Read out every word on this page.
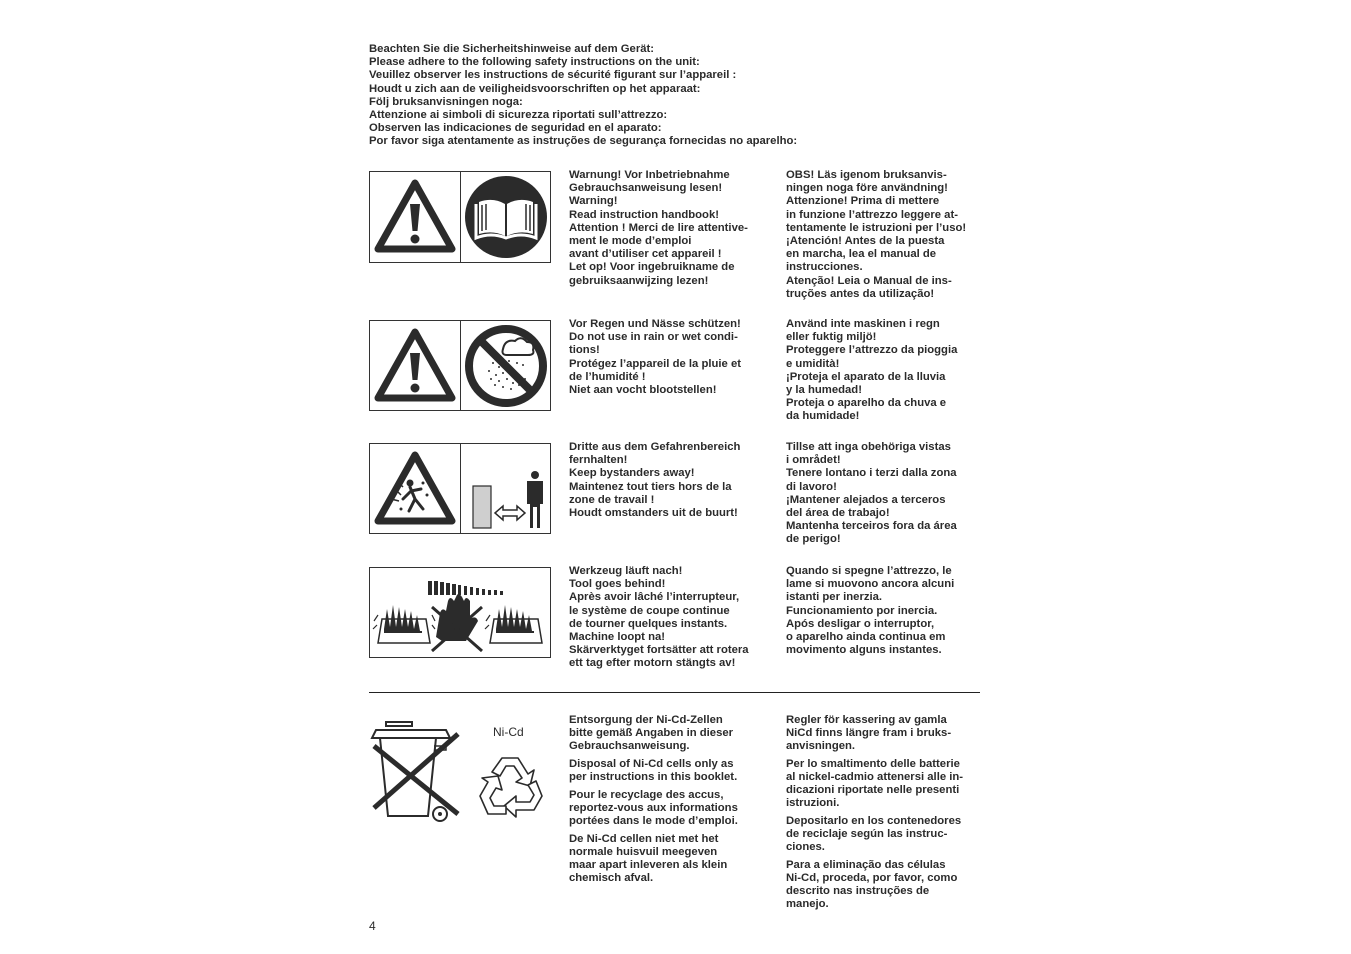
Beachten Sie die Sicherheitshinweise auf dem Gerät:
Please adhere to the following safety instructions on the unit:
Veuillez observer les instructions de sécurité figurant sur l’appareil :
Houdt u zich aan de veiligheidsvoorschriften op het apparaat:
Följ bruksanvisningen noga:
Attenzione ai simboli di sicurezza riportati sull’attrezzo:
Observen las indicaciones de seguridad en el aparato:
Por favor siga atentamente as instruções de segurança fornecidas no aparelho:
Warnung! Vor Inbetriebnahme
Gebrauchsanweisung lesen!
Warning!
Read instruction handbook!
Attention ! Merci de lire attentive-
ment le mode d’emploi
avant d’utiliser cet appareil !
Let op! Voor ingebruikname de
gebruiksaanwijzing lezen!
OBS! Läs igenom bruksanvis-
ningen noga före användning!
Attenzione! Prima di mettere
in funzione l’attrezzo leggere at-
tentamente le istruzioni per l’uso!
¡Atención! Antes de la puesta
en marcha, lea el manual de
instrucciones.
Atenção! Leia o Manual de ins-
truções antes da utilização!
Vor Regen und Nässe schützen!
Do not use in rain or wet condi-
tions!
Protégez l’appareil de la pluie et
de l’humidité !
Niet aan vocht blootstellen!
Använd inte maskinen i regn
eller fuktig miljö!
Proteggere l’attrezzo da pioggia
e umidità!
¡Proteja el aparato de la lluvia
y la humedad!
Proteja o aparelho da chuva e
da humidade!
Dritte aus dem Gefahrenbereich
fernhalten!
Keep bystanders away!
Maintenez tout tiers hors de la
zone de travail !
Houdt omstanders uit de buurt!
Tillse att inga obehöriga vistas
i området!
Tenere lontano i terzi dalla zona
di lavoro!
¡Mantener alejados a terceros
del área de trabajo!
Mantenha terceiros fora da área
de perigo!
Werkzeug läuft nach!
Tool goes behind!
Après avoir lâché l’interrupteur,
le système de coupe continue
de tourner quelques instants.
Machine loopt na!
Skärverktyget fortsätter att rotera
ett tag efter motorn stängts av!
Quando si spegne l’attrezzo, le
lame si muovono ancora alcuni
istanti per inerzia.
Funcionamiento por inercia.
Após desligar o interruptor,
o aparelho ainda continua em
movimento alguns instantes.
Ni-Cd

Entsorgung der Ni-Cd-Zellen
bitte gemäß Angaben in dieser
Gebrauchsanweisung.

Disposal of Ni-Cd cells only as
per instructions in this booklet.

Pour le recyclage des accus,
reportez-vous aux informations
portées dans le mode d’emploi.

De Ni-Cd cellen niet met het
normale huisvuil meegeven
maar apart inleveren als klein
chemisch afval.

Regler för kassering av gamla
NiCd finns längre fram i bruks-
anvisningen.

Per lo smaltimento delle batterie
al nickel-cadmio attenersi alle in-
dicazioni riportate nelle presenti
istruzioni.

Depositarlo en los contenedores
de reciclaje según las instruc-
ciones.

Para a eliminação das células
Ni-Cd, proceda, por favor, como
descrito nas instruções de
manejo.

4
